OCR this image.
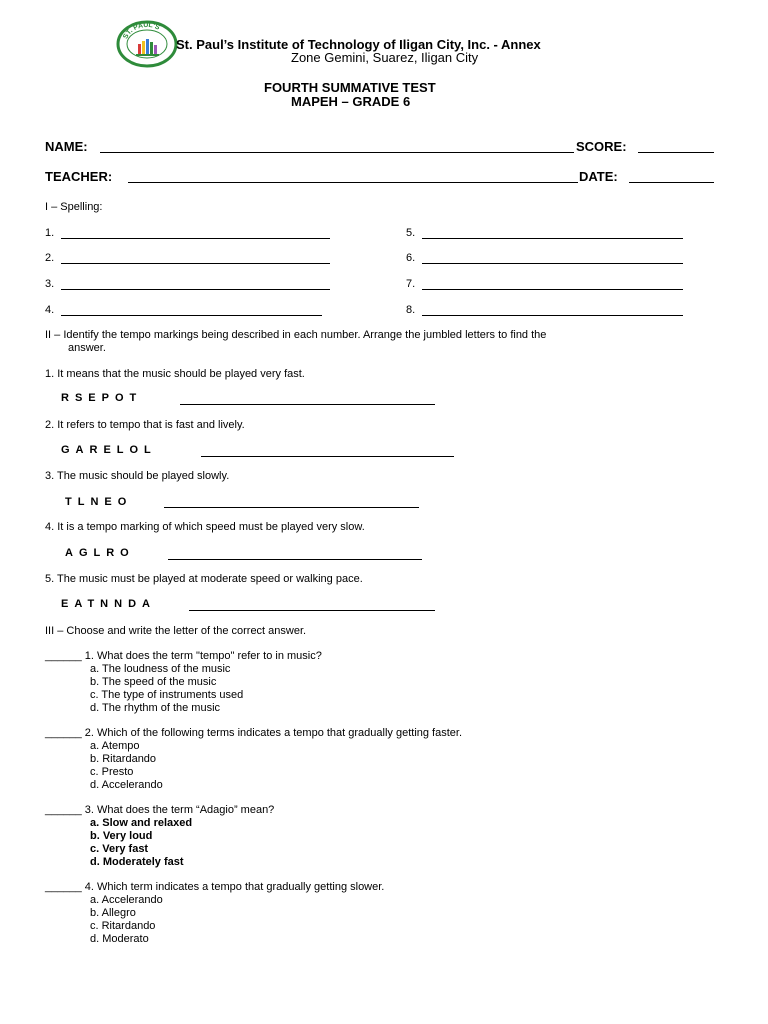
ST. PAUL'S
St. Paul’s Institute of Technology of Iligan City, Inc. - Annex
Zone Gemini, Suarez, Iligan City
FOURTH SUMMATIVE TEST
MAPEH – GRADE 6
NAME:	SCORE:
TEACHER:	DATE:
I – Spelling:
1.
2.
3.
4.
5.
6.
7.
8.
II – Identify the tempo markings being described in each number. Arrange the jumbled letters to find the
answer.
1. It means that the music should be played very fast.
RSEPOT
2. It refers to tempo that is fast and lively.
GARELOL
3. The music should be played slowly.
TLNEO
4. It is a tempo marking of which speed must be played very slow.
AGLRO
5. The music must be played at moderate speed or walking pace.
EATNNDA
III – Choose and write the letter of the correct answer.
______ 1. What does the term "tempo" refer to in music?
a. The loudness of the music
b. The speed of the music
c. The type of instruments used
d. The rhythm of the music
______ 2. Which of the following terms indicates a tempo that gradually getting faster.
a. Atempo
b. Ritardando
c. Presto
d. Accelerando
______ 3. What does the term “Adagio” mean?
a. Slow and relaxed
b. Very loud
c. Very fast
d. Moderately fast
______ 4. Which term indicates a tempo that gradually getting slower.
a. Accelerando
b. Allegro
c. Ritardando
d. Moderato
